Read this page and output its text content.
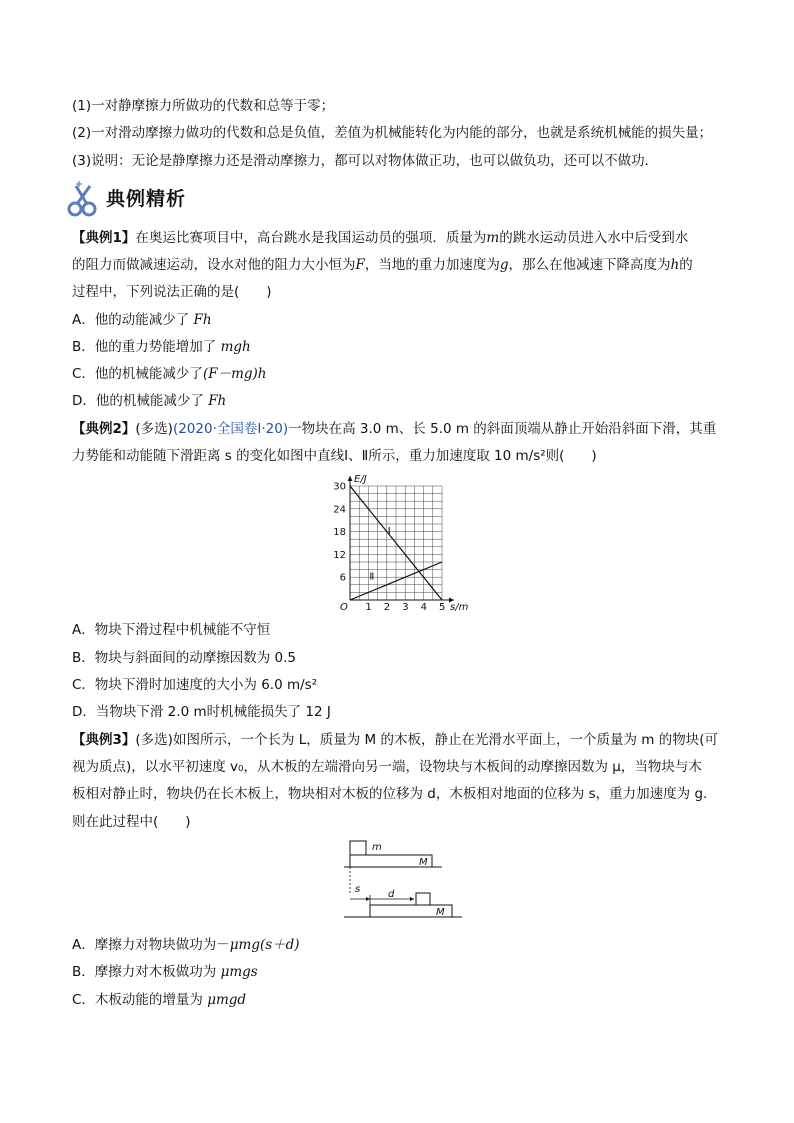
(1)一对静摩擦力所做功的代数和总等于零；
(2)一对滑动摩擦力做功的代数和总是负值，差值为机械能转化为内能的部分，也就是系统机械能的损失量；
(3)说明：无论是静摩擦力还是滑动摩擦力，都可以对物体做正功，也可以做负功，还可以不做功．
典例精析
【典例1】在奥运比赛项目中，高台跳水是我国运动员的强项．质量为m的跳水运动员进入水中后受到水
的阻力而做减速运动，设水对他的阻力大小恒为F，当地的重力加速度为g，那么在他减速下降高度为h的
过程中，下列说法正确的是(　　)
A．他的动能减少了 Fh
B．他的重力势能增加了 mgh
C．他的机械能减少了(F－mg)h
D．他的机械能减少了 Fh
【典例2】(多选)(2020·全国卷Ⅰ·20)一物块在高 3.0 m、长 5.0 m 的斜面顶端从静止开始沿斜面下滑，其重
力势能和动能随下滑距离 s 的变化如图中直线Ⅰ、Ⅱ所示，重力加速度取 10 m/s²则(　　)
1 2 3 4 5
6
12
18
24
30
O
E/J
s/m
Ⅰ
Ⅱ
A．物块下滑过程中机械能不守恒
B．物块与斜面间的动摩擦因数为 0.5
C．物块下滑时加速度的大小为 6.0 m/s²
D．当物块下滑 2.0 m时机械能损失了 12 J
【典例3】(多选)如图所示，一个长为 L，质量为 M 的木板，静止在光滑水平面上，一个质量为 m 的物块(可
视为质点)，以水平初速度 v₀，从木板的左端滑向另一端，设物块与木板间的动摩擦因数为 μ，当物块与木
板相对静止时，物块仍在长木板上，物块相对木板的位移为 d，木板相对地面的位移为 s，重力加速度为 g.
则在此过程中(　　)
m
M
s	d
M
A．摩擦力对物块做功为－μmg(s＋d)
B．摩擦力对木板做功为 μmgs
C．木板动能的增量为 μmgd
